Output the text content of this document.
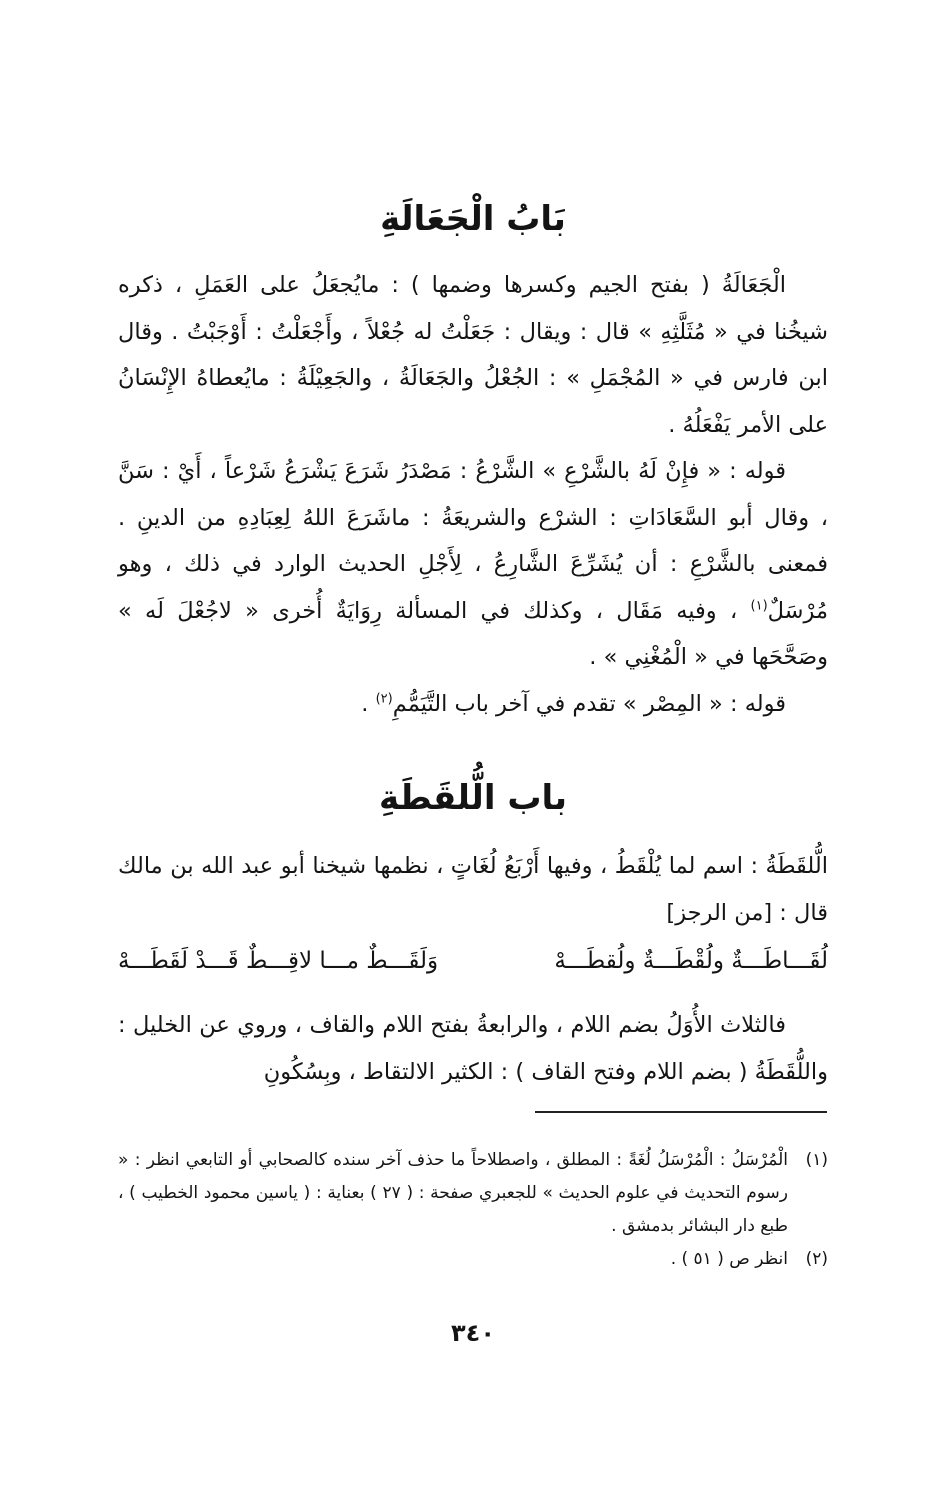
بَابُ الْجَعَالَةِ

الْجَعَالَةُ ( بفتح الجيم وكسرها وضمها ) : مايُجعَلُ على العَمَلِ ، ذكره شيخُنا في « مُثَلَّثِهِ » قال : ويقال : جَعَلْتُ له جُعْلاً ، وأَجْعَلْتُ : أَوْجَبْتُ . وقال ابن فارس في « المُجْمَلِ » : الجُعْلُ والجَعَالَةُ ، والجَعِيْلَةُ : مايُعطاهُ الإِنْسَانُ على الأمر يَفْعَلُهُ .

قوله : « فإِنْ لَهُ بالشَّرْعِ » الشَّرْعُ : مَصْدَرُ شَرَعَ يَشْرَعُ شَرْعاً ، أَيْ : سَنَّ ، وقال أبو السَّعَادَاتِ : الشرْع والشريعَةُ : ماشَرَعَ اللهُ لِعِبَادِهِ من الدينِ . فمعنى بالشَّرْعِ : أن يُشَرِّعَ الشَّارِعُ ، لِأَجْلِ الحديث الوارد في ذلك ، وهو مُرْسَلٌ$^{(١)}$ ، وفيه مَقَال ، وكذلك في المسألة رِوَايَةٌ أُخرى « لاجُعْلَ لَه » وصَحَّحَها في « الْمُغْنِي » .

قوله : « المِصْر » تقدم في آخر باب التَّيَمُّمِ$^{(٢)}$ .

باب الُّلقَطَةِ

الُّلقَطَةُ : اسم لما يُلْقَطُ ، وفيها أَرْبَعُ لُغَاتٍ ، نظمها شيخنا أبو عبد الله بن مالك قال : [من الرجز]

لُقَـــاطَـــةٌ ولُقْطَـــةٌ ولُقطَـــهْ
وَلَقَـــطٌ مـــا لاقِـــطٌ قَـــدْ لَقَطَـــهْ

فالثلاث الأُوَلُ بضم اللام ، والرابعةُ بفتح اللام والقاف ، وروي عن الخليل : واللُّقَطَةُ ( بضم اللام وفتح القاف ) : الكثير الالتقاط ، وبِسُكُونِ

(١)
الْمُرْسَلُ : الْمُرْسَلُ لُغَةً : المطلق ، واصطلاحاً ما حذف آخر سنده كالصحابي أو التابعي انظر : « رسوم التحديث في علوم الحديث » للجعبري صفحة : ( ٢٧ ) بعناية : ( ياسين محمود الخطيب ) ، طبع دار البشائر بدمشق .
(٢)
انظر ص ( ٥١ ) .
٣٤٠
